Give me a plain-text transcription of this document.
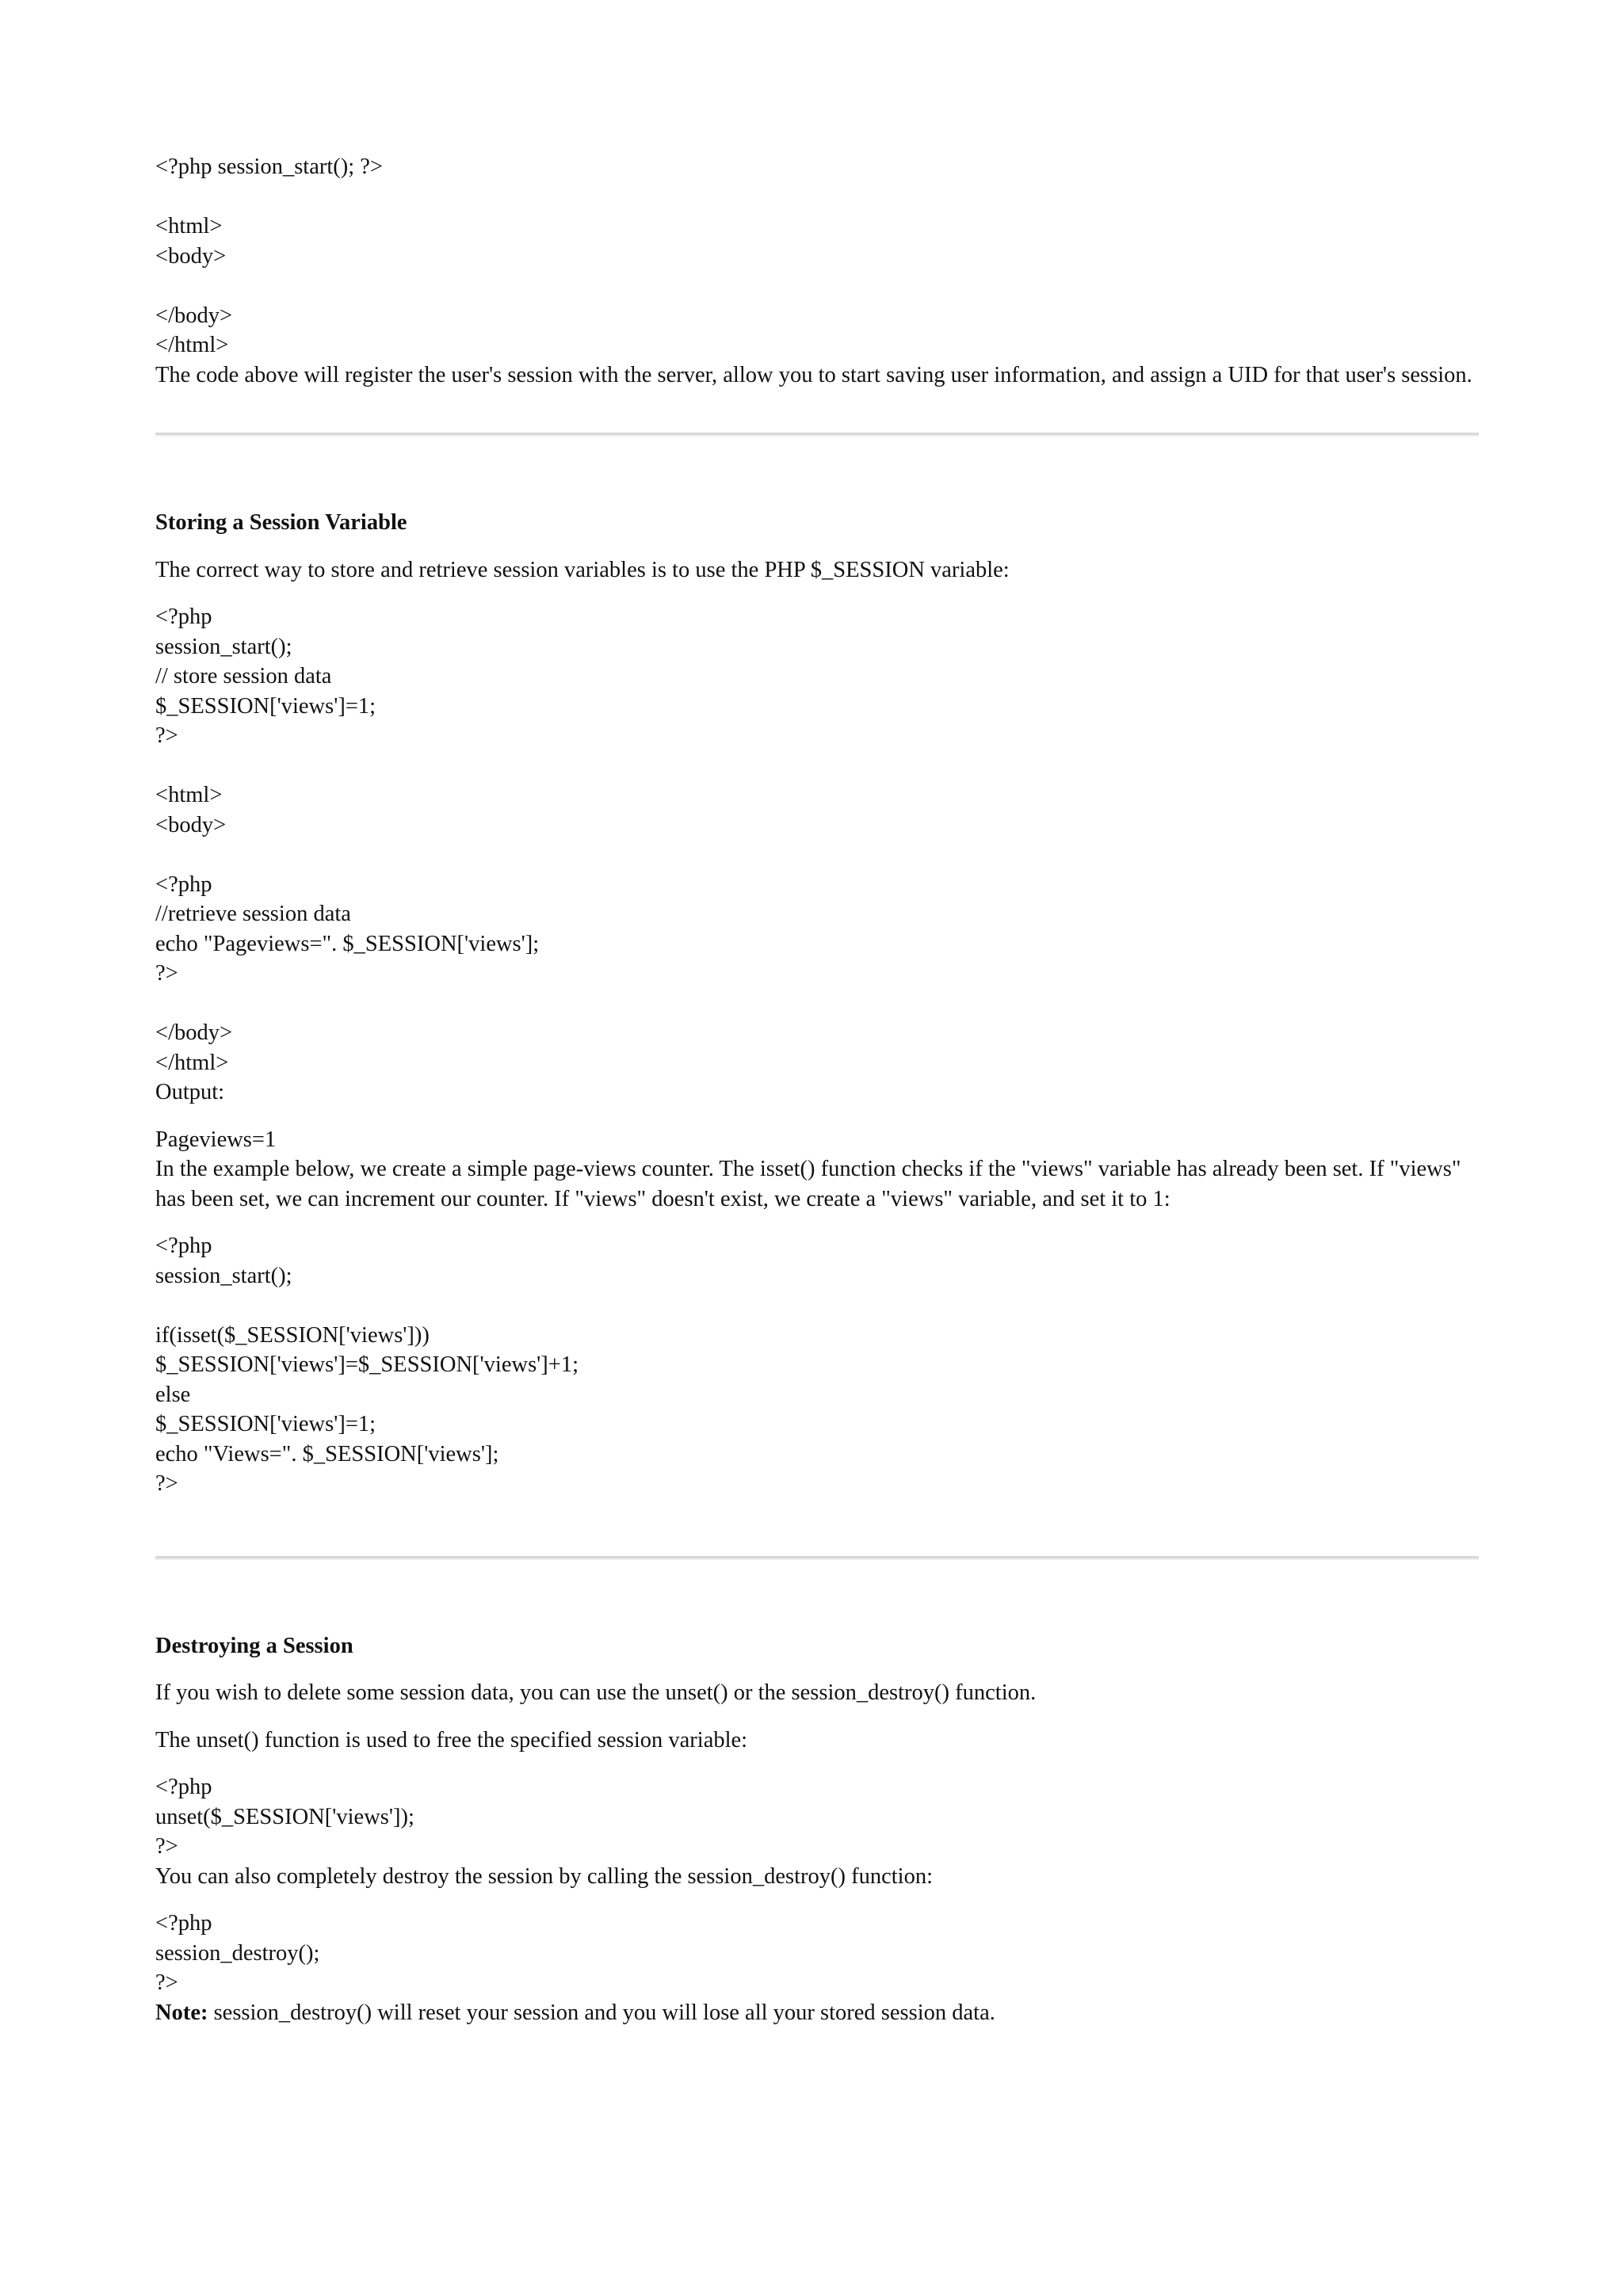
<?php session_start(); ?>
<html>
<body>
</body>
</html>
The code above will register the user's session with the server, allow you to start saving user information, and assign a UID for that user's session.
Storing a Session Variable
The correct way to store and retrieve session variables is to use the PHP $_SESSION variable:
<?php
session_start();
// store session data
$_SESSION['views']=1;
?>
<html>
<body>
<?php
//retrieve session data
echo "Pageviews=". $_SESSION['views'];
?>
</body>
</html>
Output:
Pageviews=1
In the example below, we create a simple page-views counter. The isset() function checks if the "views" variable has already been set. If "views" has been set, we can increment our counter. If "views" doesn't exist, we create a "views" variable, and set it to 1:
<?php
session_start();
if(isset($_SESSION['views']))
$_SESSION['views']=$_SESSION['views']+1;
else
$_SESSION['views']=1;
echo "Views=". $_SESSION['views'];
?>
Destroying a Session
If you wish to delete some session data, you can use the unset() or the session_destroy() function.
The unset() function is used to free the specified session variable:
<?php
unset($_SESSION['views']);
?>
You can also completely destroy the session by calling the session_destroy() function:
<?php
session_destroy();
?>
Note: session_destroy() will reset your session and you will lose all your stored session data.
